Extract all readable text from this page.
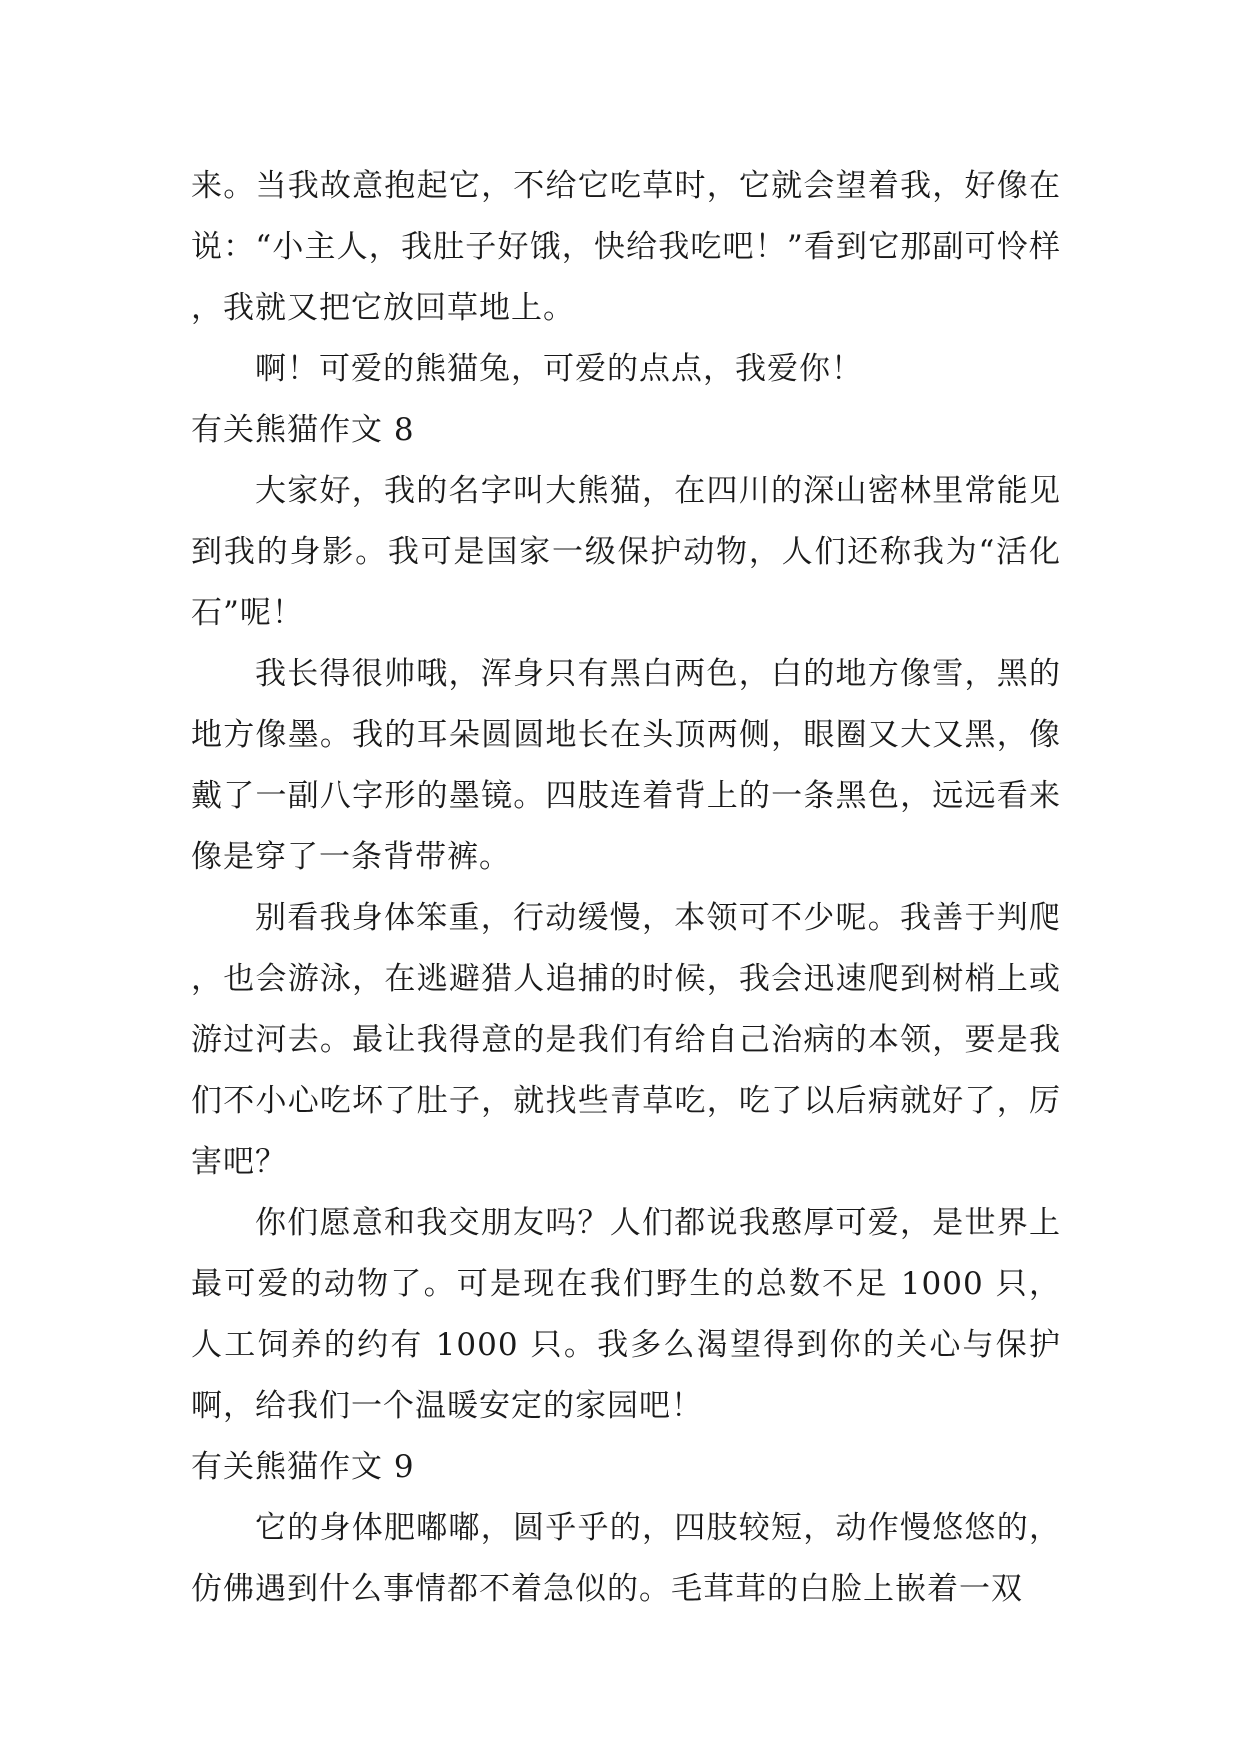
来。当我故意抱起它，不给它吃草时，它就会望着我，好像在说：“小主人，我肚子好饿，快给我吃吧！”看到它那副可怜样，我就又把它放回草地上。

啊！可爱的熊猫兔，可爱的点点，我爱你！

有关熊猫作文 8

大家好，我的名字叫大熊猫，在四川的深山密林里常能见到我的身影。我可是国家一级保护动物，人们还称我为“活化石”呢！

我长得很帅哦，浑身只有黑白两色，白的地方像雪，黑的地方像墨。我的耳朵圆圆地长在头顶两侧，眼圈又大又黑，像戴了一副八字形的墨镜。四肢连着背上的一条黑色，远远看来像是穿了一条背带裤。

别看我身体笨重，行动缓慢，本领可不少呢。我善于判爬，也会游泳，在逃避猎人追捕的时候，我会迅速爬到树梢上或游过河去。最让我得意的是我们有给自己治病的本领，要是我们不小心吃坏了肚子，就找些青草吃，吃了以后病就好了，厉害吧？

你们愿意和我交朋友吗？人们都说我憨厚可爱，是世界上最可爱的动物了。可是现在我们野生的总数不足 1000 只，人工饲养的约有 1000 只。我多么渴望得到你的关心与保护啊，给我们一个温暖安定的家园吧！

有关熊猫作文 9

它的身体肥嘟嘟，圆乎乎的，四肢较短，动作慢悠悠的，仿佛遇到什么事情都不着急似的。毛茸茸的白脸上嵌着一双
